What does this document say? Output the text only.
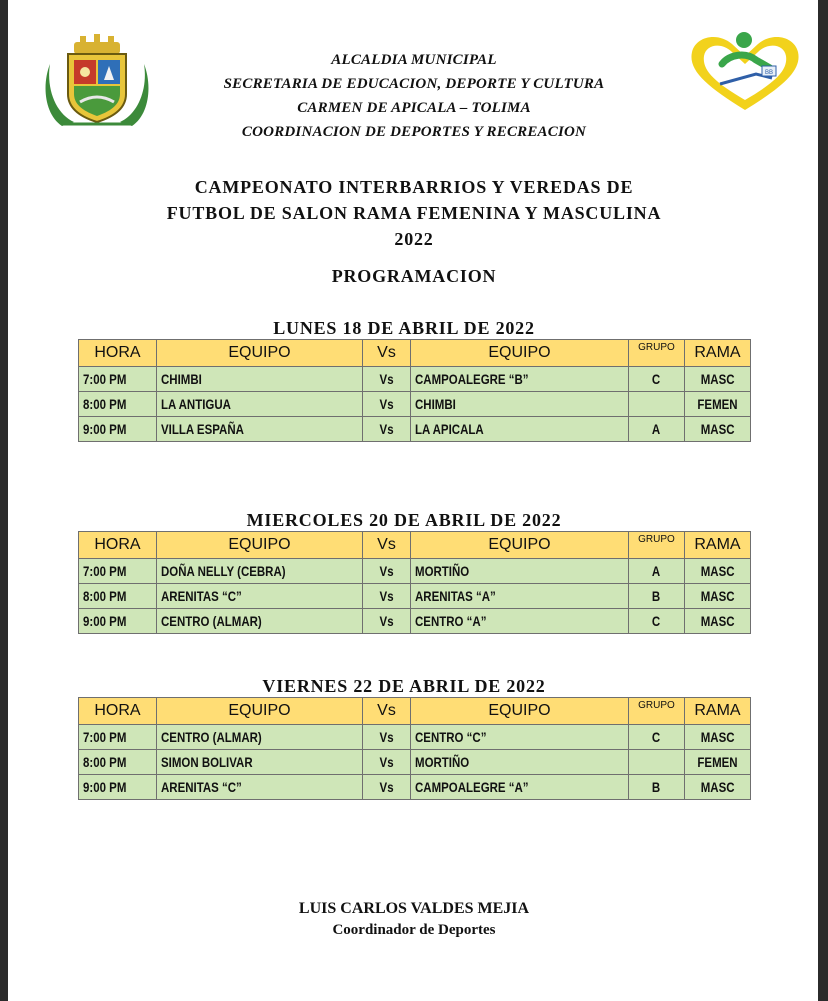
BB
ALCALDIA MUNICIPAL
SECRETARIA DE EDUCACION, DEPORTE Y CULTURA
CARMEN DE APICALA – TOLIMA
COORDINACION DE DEPORTES Y RECREACION
CAMPEONATO INTERBARRIOS Y VEREDAS DE
FUTBOL DE SALON RAMA FEMENINA Y MASCULINA
2022
PROGRAMACION
LUNES 18 DE ABRIL DE 2022
HORA	EQUIPO	Vs	EQUIPO	GRUPO	RAMA
7:00 PM	CHIMBI	Vs	CAMPOALEGRE “B”	C	MASC
8:00 PM	LA ANTIGUA	Vs	CHIMBI		FEMEN
9:00 PM	VILLA ESPAÑA	Vs	LA APICALA	A	MASC
MIERCOLES 20 DE ABRIL DE 2022
HORA	EQUIPO	Vs	EQUIPO	GRUPO	RAMA
7:00 PM	DOÑA NELLY (CEBRA)	Vs	MORTIÑO	A	MASC
8:00 PM	ARENITAS “C”	Vs	ARENITAS “A”	B	MASC
9:00 PM	CENTRO (ALMAR)	Vs	CENTRO “A”	C	MASC
VIERNES 22 DE ABRIL DE 2022
HORA	EQUIPO	Vs	EQUIPO	GRUPO	RAMA
7:00 PM	CENTRO (ALMAR)	Vs	CENTRO “C”	C	MASC
8:00 PM	SIMON BOLIVAR	Vs	MORTIÑO		FEMEN
9:00 PM	ARENITAS “C”	Vs	CAMPOALEGRE “A”	B	MASC
LUIS CARLOS VALDES MEJIA
Coordinador de Deportes
